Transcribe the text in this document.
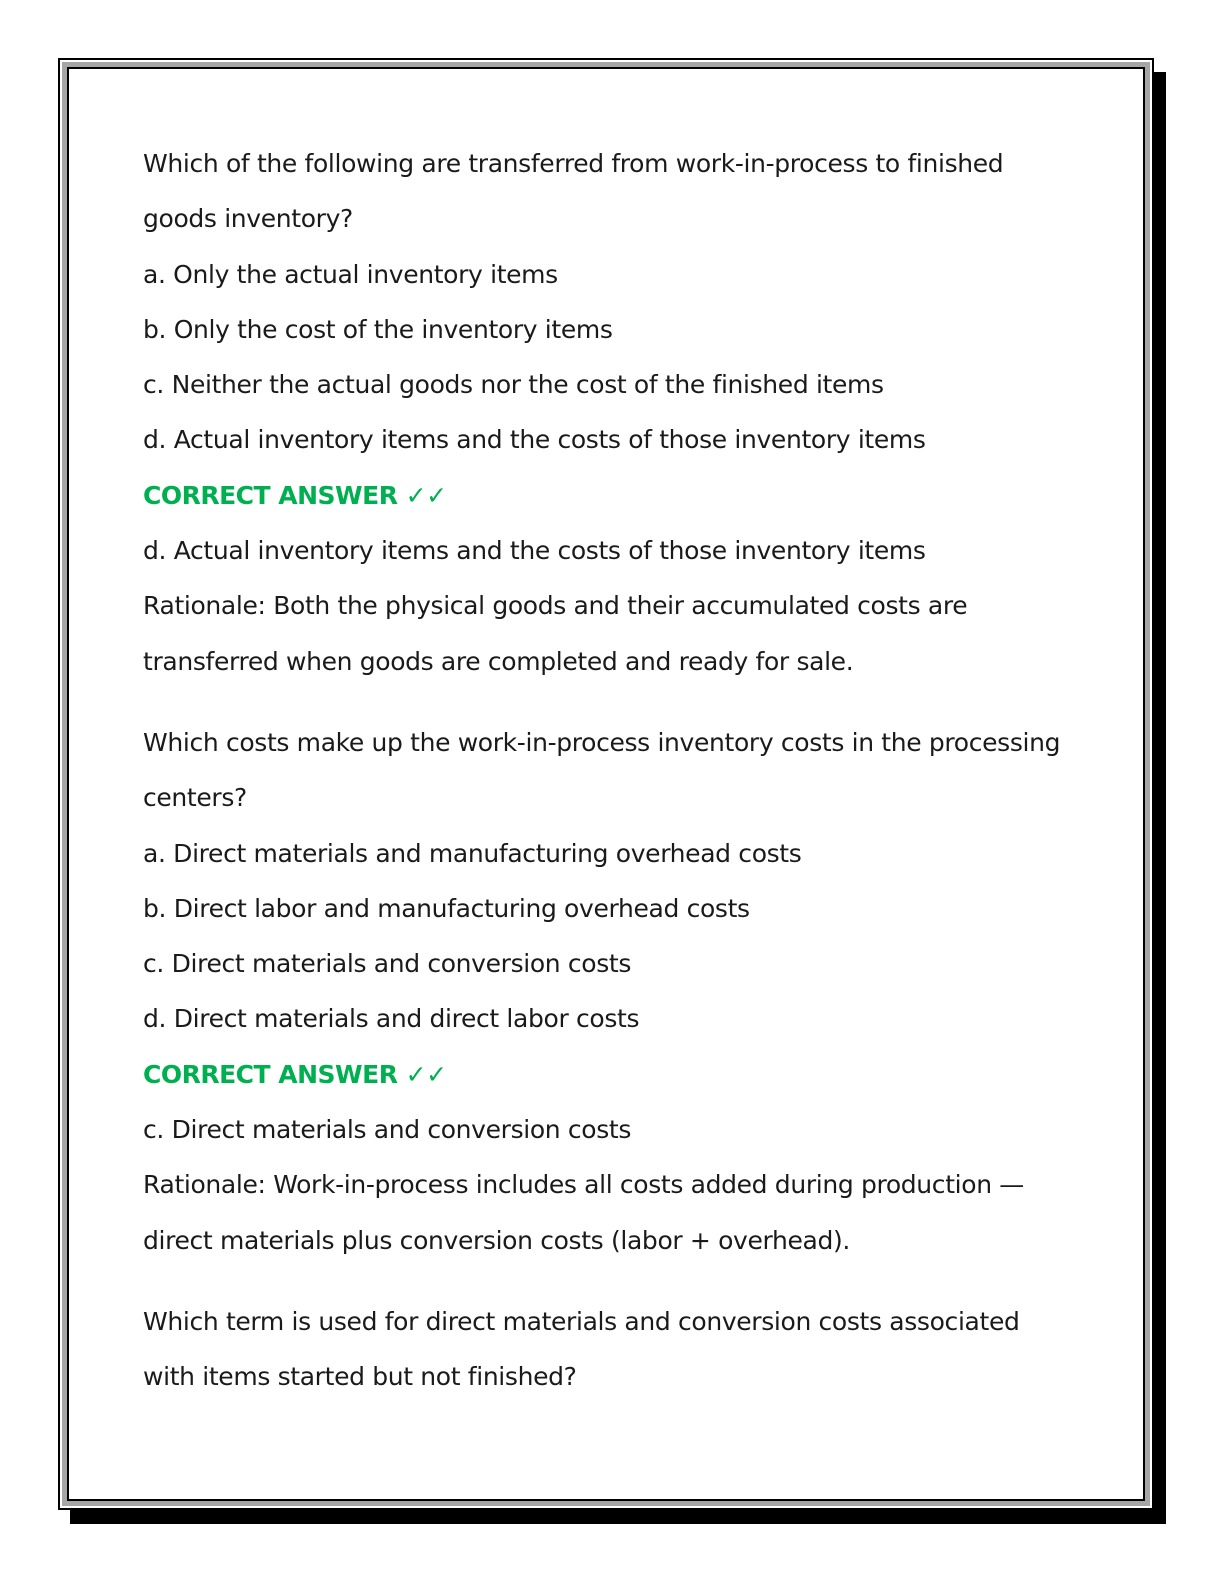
Which of the following are transferred from work-in-process to finished
goods inventory?
a. Only the actual inventory items
b. Only the cost of the inventory items
c. Neither the actual goods nor the cost of the finished items
d. Actual inventory items and the costs of those inventory items
CORRECT ANSWER ✓✓
d. Actual inventory items and the costs of those inventory items
Rationale: Both the physical goods and their accumulated costs are
transferred when goods are completed and ready for sale.
Which costs make up the work-in-process inventory costs in the processing
centers?
a. Direct materials and manufacturing overhead costs
b. Direct labor and manufacturing overhead costs
c. Direct materials and conversion costs
d. Direct materials and direct labor costs
CORRECT ANSWER ✓✓
c. Direct materials and conversion costs
Rationale: Work-in-process includes all costs added during production —
direct materials plus conversion costs (labor + overhead).
Which term is used for direct materials and conversion costs associated
with items started but not finished?
